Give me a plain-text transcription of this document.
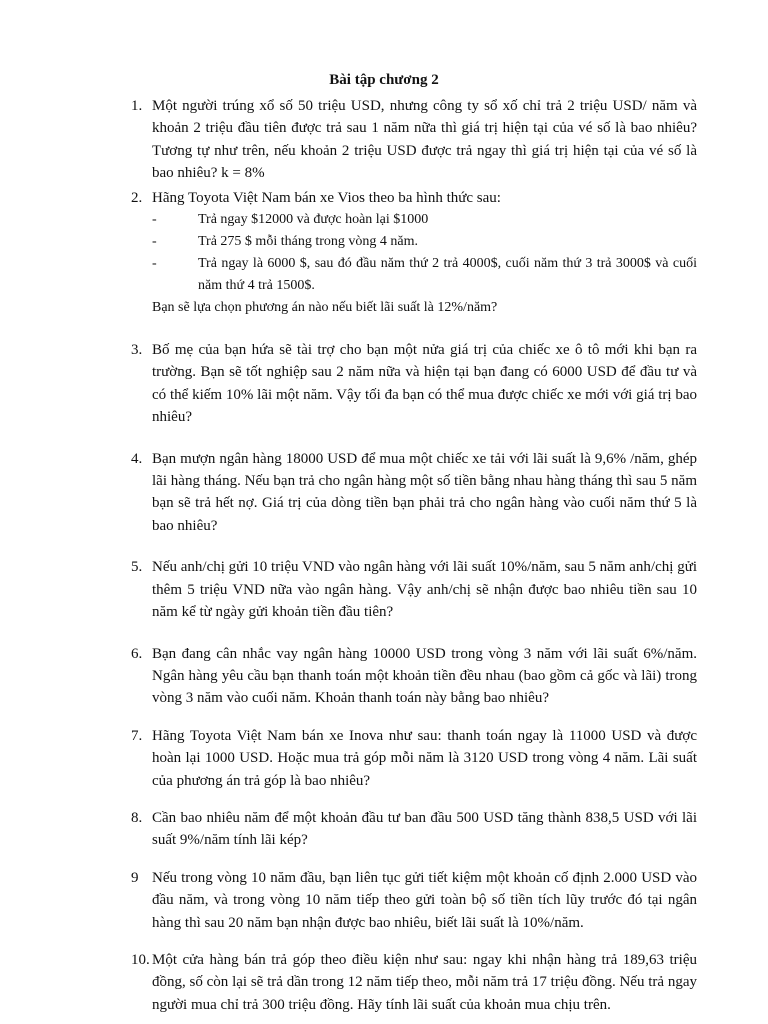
Bài tập chương 2
1. Một người trúng xổ số 50 triệu USD, nhưng công ty sổ xố chỉ trả 2 triệu USD/ năm và khoản 2 triệu đầu tiên được trả sau 1 năm nữa thì giá trị hiện tại của vé số là bao nhiêu? Tương tự như trên, nếu khoản 2 triệu USD được trả ngay thì giá trị hiện tại của vé số là bao nhiêu? k = 8%
2. Hãng Toyota Việt Nam bán xe Vios theo ba hình thức sau:
-	Trả ngay $12000 và được hoàn lại $1000
-	Trả 275 $ mỗi tháng trong vòng 4 năm.
-	Trả ngay là 6000 $, sau đó đầu năm thứ 2 trả 4000$, cuối năm thứ 3 trả 3000$ và cuối năm thứ 4 trả 1500$.
Bạn sẽ lựa chọn phương án nào nếu biết lãi suất là 12%/năm?
3. Bố mẹ của bạn hứa sẽ tài trợ cho bạn một nửa giá trị của chiếc xe ô tô mới khi bạn ra trường. Bạn sẽ tốt nghiệp sau 2 năm nữa và hiện tại bạn đang có 6000 USD để đầu tư và có thể kiếm 10% lãi một năm. Vậy tối đa bạn có thể mua được chiếc xe mới với giá trị bao nhiêu?
4. Bạn mượn ngân hàng 18000 USD để mua một chiếc xe tải với lãi suất là 9,6% /năm, ghép lãi hàng tháng. Nếu bạn trả cho ngân hàng một số tiền bằng nhau hàng tháng thì sau 5 năm bạn sẽ trả hết nợ. Giá trị của dòng tiền bạn phải trả cho ngân hàng vào cuối năm thứ 5 là bao nhiêu?
5. Nếu anh/chị gửi 10 triệu VND vào ngân hàng với lãi suất 10%/năm, sau 5 năm anh/chị gửi thêm 5 triệu VND nữa vào ngân hàng. Vậy anh/chị sẽ nhận được bao nhiêu tiền sau 10 năm kể từ ngày gửi khoản tiền đầu tiên?
6. Bạn đang cân nhắc vay ngân hàng 10000 USD trong vòng 3 năm với lãi suất 6%/năm. Ngân hàng yêu cầu bạn thanh toán một khoản tiền đều nhau (bao gồm cả gốc và lãi) trong vòng 3 năm vào cuối năm. Khoản thanh toán này bằng bao nhiêu?
7. Hãng Toyota Việt Nam bán xe Inova như sau: thanh toán ngay là 11000 USD và được hoàn lại 1000 USD. Hoặc mua trả góp mỗi năm là 3120 USD trong vòng 4 năm. Lãi suất của phương án trả góp là bao nhiêu?
8. Cần bao nhiêu năm để một khoản đầu tư ban đầu 500 USD tăng thành 838,5 USD với lãi suất 9%/năm tính lãi kép?
9 Nếu trong vòng 10 năm đầu, bạn liên tục gửi tiết kiệm một khoản cố định 2.000 USD vào đầu năm, và trong vòng 10 năm tiếp theo gửi toàn bộ số tiền tích lũy trước đó tại ngân hàng thì sau 20 năm bạn nhận được bao nhiêu, biết lãi suất là 10%/năm.
10. Một cửa hàng bán trả góp theo điều kiện như sau: ngay khi nhận hàng trả 189,63 triệu đồng, số còn lại sẽ trả dần trong 12 năm tiếp theo, mỗi năm trả 17 triệu đồng. Nếu trả ngay người mua chỉ trả 300 triệu đồng. Hãy tính lãi suất của khoản mua chịu trên.
